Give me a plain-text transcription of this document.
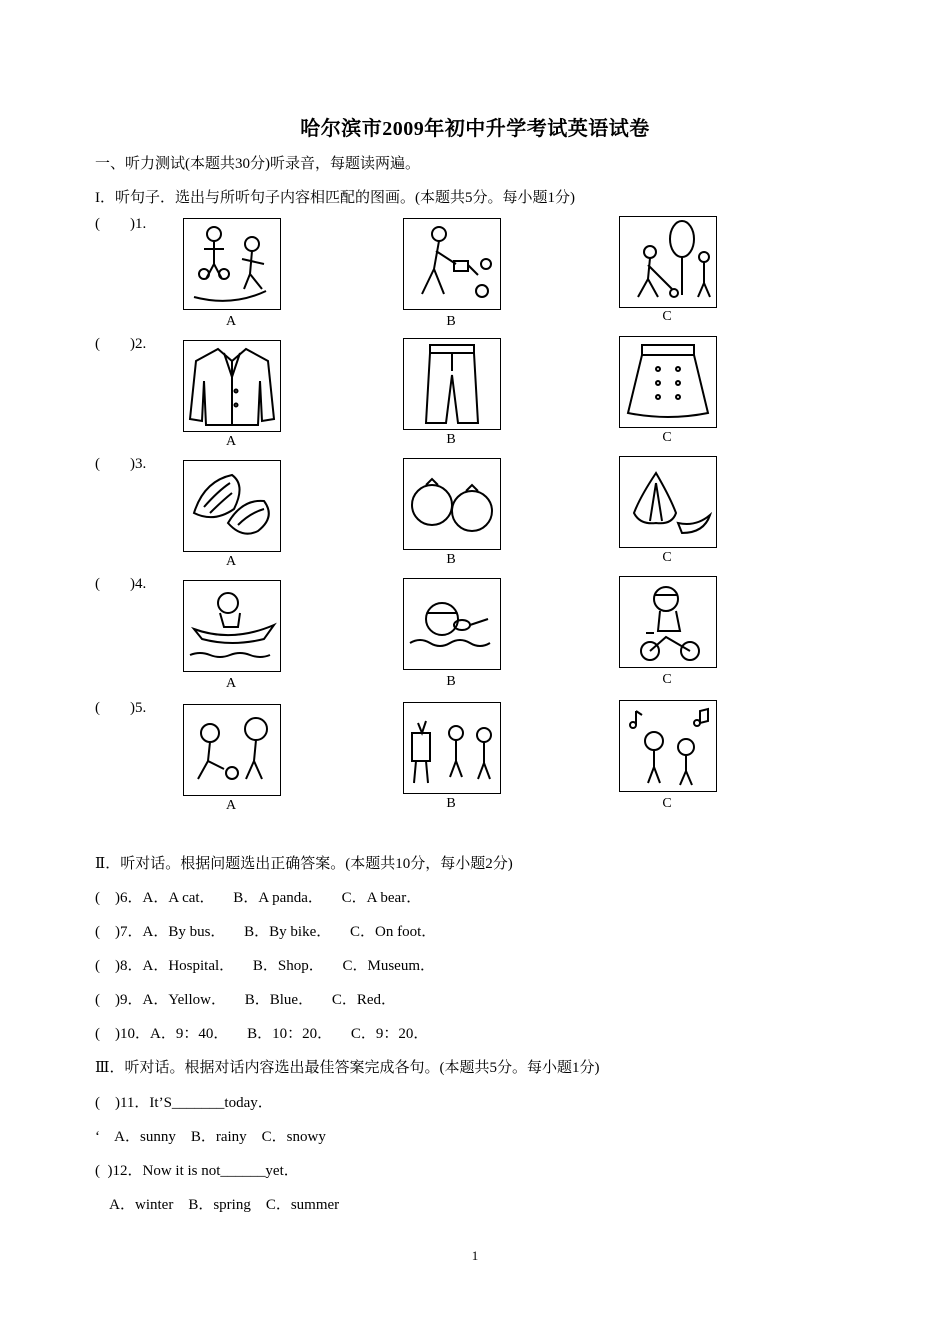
哈尔滨市2009年初中升学考试英语试卷
一、听力测试(本题共30分)听录音，每题读两遍。
I．听句子．选出与所听句子内容相匹配的图画。(本题共5分。每小题1分)
(        )1.
A	B	C
(        )2.
A	B	C
(        )3.
A	B	C
(        )4.
A	B	C
(        )5.
A	B	C
Ⅱ．听对话。根据问题选出正确答案。(本题共10分，每小题2分)
(    )6．A．A cat．     B．A panda．     C．A bear．
(    )7．A．By bus．     B．By bike．     C．On foot．
(    )8．A．Hospital．     B．Shop．     C．Museum．
(    )9．A．Yellow．     B．Blue．     C．Red．
(    )10．A．9：40．     B．10：20．     C．9：20．
Ⅲ．听对话。根据对话内容选出最佳答案完成各句。(本题共5分。每小题1分)
(    )11．It’S_______today．
‘    A．sunny    B．rainy    C．snowy
(  )12．Now it is not______yet．
A．winter    B．spring    C．summer
1
